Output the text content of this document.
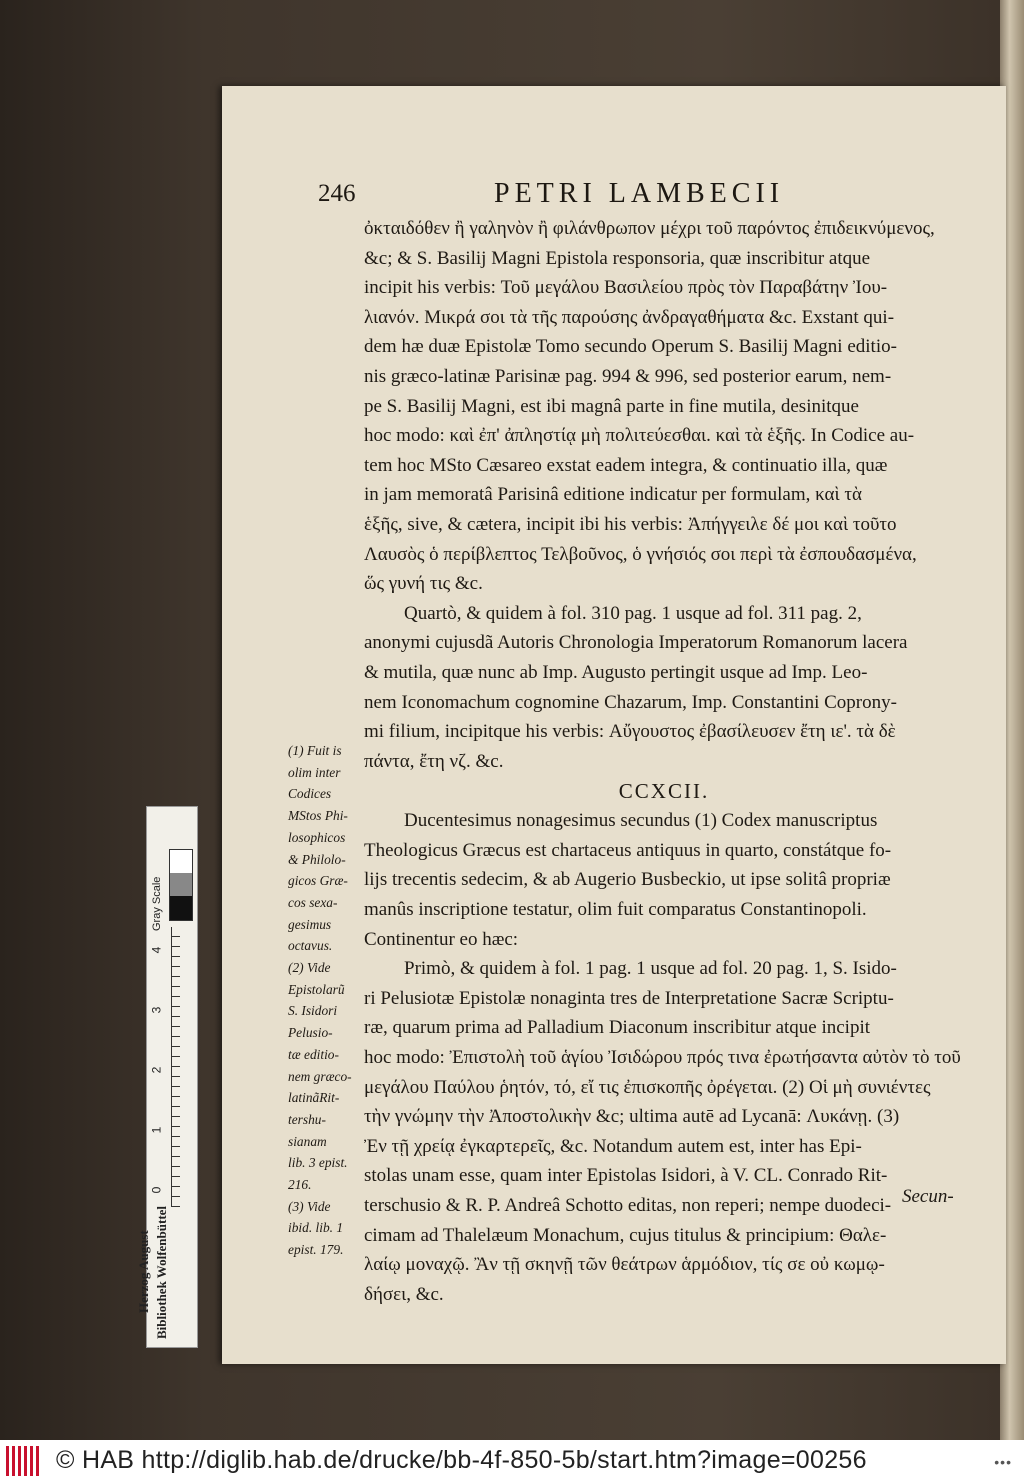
246	PETRI LAMBECII

ὀκταιδόθεν ἢ γαληνὸν ἢ φιλάνθρωπον μέχρι τοῦ παρόντος ἐπιδεικνύμενος,

&c; & S. Basilij Magni Epistola responsoria, quæ inscribitur atque

incipit his verbis: Τοῦ μεγάλου Βασιλείου πρὸς τὸν Παραβάτην Ἰου-

λιανόν. Μικρά σοι τὰ τῆς παρούσης ἀνδραγαθήματα &c. Exstant qui-

dem hæ duæ Epistolæ Tomo secundo Operum S. Basilij Magni editio-

nis græco-latinæ Parisinæ pag. 994 & 996, sed posterior earum, nem-

pe S. Basilij Magni, est ibi magnâ parte in fine mutila, desinitque

hoc modo: καὶ ἐπ' ἀπληστίᾳ μὴ πολιτεύεσθαι. καὶ τὰ ἑξῆς. In Codice au-

tem hoc MSto Cæsareo exstat eadem integra, & continuatio illa, quæ

in jam memoratâ Parisinâ editione indicatur per formulam, καὶ τὰ

ἑξῆς, sive, & cætera, incipit ibi his verbis: Ἀπήγγειλε δέ μοι καὶ τοῦτο

Λαυσὸς ὁ περίβλεπτος Τελβοῦνος, ὁ γνήσιός σοι περὶ τὰ ἐσπουδασμένα,

ὥς γυνή τις &c.

Quartò, & quidem à fol. 310 pag. 1 usque ad fol. 311 pag. 2,

anonymi cujusdã Autoris Chronologia Imperatorum Romanorum lacera

& mutila, quæ nunc ab Imp. Augusto pertingit usque ad Imp. Leo-

nem Iconomachum cognomine Chazarum, Imp. Constantini Coprony-

mi filium, incipitque his verbis: Αὔγουστος ἐβασίλευσεν ἔτη ιε'. τὰ δὲ

πάντα, ἔτη νζ. &c.

CCXCII.

Ducentesimus nonagesimus secundus (1) Codex manuscriptus

Theologicus Græcus est chartaceus antiquus in quarto, constátque fo-

lijs trecentis sedecim, & ab Augerio Busbeckio, ut ipse solitâ propriæ

manûs inscriptione testatur, olim fuit comparatus Constantinopoli.

Continentur eo hæc:

Primò, & quidem à fol. 1 pag. 1 usque ad fol. 20 pag. 1, S. Isido-

ri Pelusiotæ Epistolæ nonaginta tres de Interpretatione Sacræ Scriptu-

ræ, quarum prima ad Palladium Diaconum inscribitur atque incipit

hoc modo: Ἐπιστολὴ τοῦ ἁγίου Ἰσιδώρου πρός τινα ἐρωτήσαντα αὐτὸν τὸ τοῦ

μεγάλου Παύλου ῥητόν, τό, εἴ τις ἐπισκοπῆς ὀρέγεται. (2) Οἱ μὴ συνιέντες

τὴν γνώμην τὴν Ἀποστολικὴν &c; ultima autē ad Lycanā: Λυκάνῃ. (3)

Ἐν τῇ χρείᾳ ἐγκαρτερεῖς, &c. Notandum autem est, inter has Epi-

stolas unam esse, quam inter Epistolas Isidori, à V. CL. Conrado Rit-

terschusio & R. P. Andreâ Schotto editas, non reperi; nempe duodeci-

cimam ad Thalelæum Monachum, cujus titulus & principium: Θαλε-

λαίῳ μοναχῷ. Ἂν τῇ σκηνῇ τῶν θεάτρων ἁρμόδιον, τίς σε οὐ κωμῳ-

δήσει, &c.

(1) Fuit is
olim inter
Codices
MStos Phi-
losophicos
& Philolo-
gicos Græ-
cos sexa-
gesimus
octavus.
(2) Vide
Epistolarũ
S. Isidori
Pelusio-
tæ editio-
nem græco-
latinãRit-
tershu-
sianam
lib. 3 epist.
216.
(3) Vide
ibid. lib. 1
epist. 179.
Secun-
Gray Scale
4
3
2
1
0
Herzog August Bibliothek Wolfenbüttel
© HAB http://diglib.hab.de/drucke/bb-4f-850-5b/start.htm?image=00256	•••
